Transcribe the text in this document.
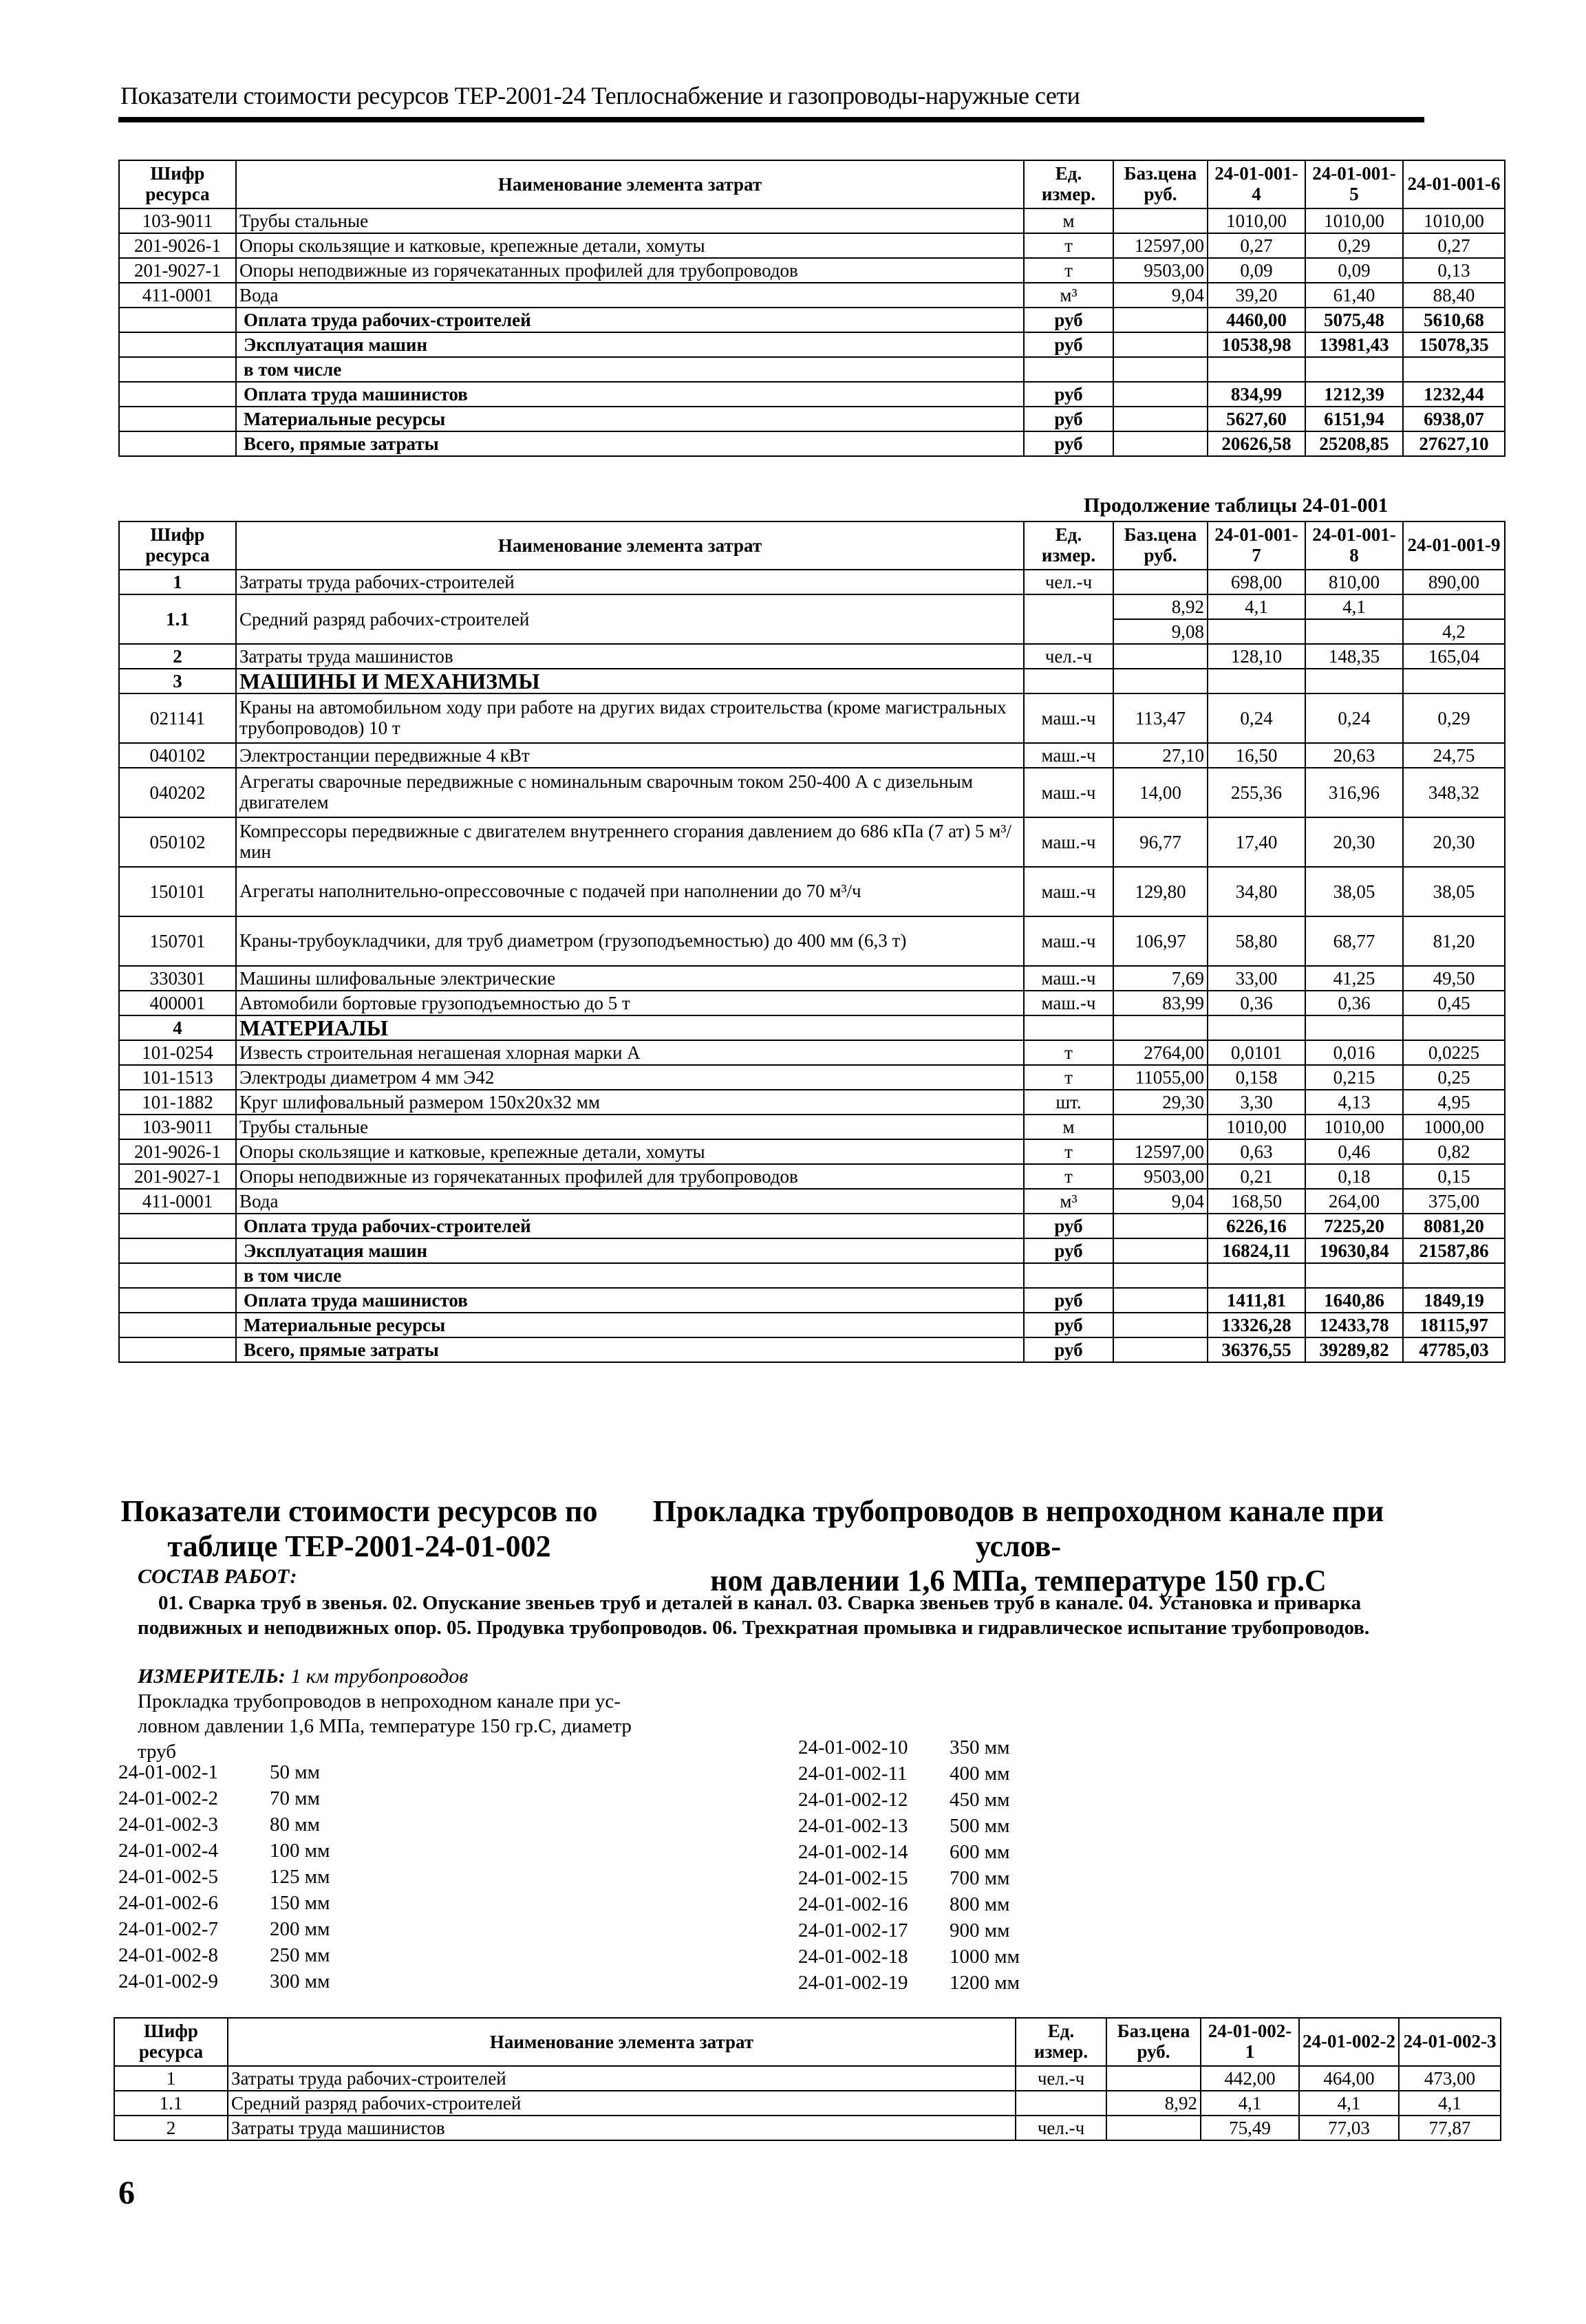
Показатели стоимости ресурсов ТЕР-2001-24 Теплоснабжение и газопроводы-наружные сети
Шифр ресурса	Наименование элемента затрат	Ед. измер.	Баз.цена руб.	24-01-001-4	24-01-001-5	24-01-001-6
103-9011	Трубы стальные	м		1010,00	1010,00	1010,00
201-9026-1	Опоры скользящие и катковые, крепежные детали, хомуты	т	12597,00	0,27	0,29	0,27
201-9027-1	Опоры неподвижные из горячекатанных профилей для трубопроводов	т	9503,00	0,09	0,09	0,13
411-0001	Вода	м³	9,04	39,20	61,40	88,40
	Оплата труда рабочих-строителей	руб		4460,00	5075,48	5610,68
	Эксплуатация машин	руб		10538,98	13981,43	15078,35
	в том числе					
	Оплата труда машинистов	руб		834,99	1212,39	1232,44
	Материальные ресурсы	руб		5627,60	6151,94	6938,07
	Всего, прямые затраты	руб		20626,58	25208,85	27627,10
Продолжение таблицы 24-01-001
Шифр ресурса	Наименование элемента затрат	Ед. измер.	Баз.цена руб.	24-01-001-7	24-01-001-8	24-01-001-9
1	Затраты труда рабочих-строителей	чел.-ч		698,00	810,00	890,00
1.1	Средний разряд рабочих-строителей		8,92	4,1	4,1	
			9,08			4,2
2	Затраты труда машинистов	чел.-ч		128,10	148,35	165,04
3	МАШИНЫ И МЕХАНИЗМЫ					
021141	Краны на автомобильном ходу при работе на других видах строительства (кроме магистральных трубопроводов) 10 т	маш.-ч	113,47	0,24	0,24	0,29
040102	Электростанции передвижные 4 кВт	маш.-ч	27,10	16,50	20,63	24,75
040202	Агрегаты сварочные передвижные с номинальным сварочным током 250-400 А с дизельным двигателем	маш.-ч	14,00	255,36	316,96	348,32
050102	Компрессоры передвижные с двигателем внутреннего сгорания давлением до 686 кПа (7 ат) 5 м³/мин	маш.-ч	96,77	17,40	20,30	20,30
150101	Агрегаты наполнительно-опрессовочные с подачей при наполнении до 70 м³/ч	маш.-ч	129,80	34,80	38,05	38,05
150701	Краны-трубоукладчики, для труб диаметром (грузоподъемностью) до 400 мм (6,3 т)	маш.-ч	106,97	58,80	68,77	81,20
330301	Машины шлифовальные электрические	маш.-ч	7,69	33,00	41,25	49,50
400001	Автомобили бортовые грузоподъемностью до 5 т	маш.-ч	83,99	0,36	0,36	0,45
4	МАТЕРИАЛЫ					
101-0254	Известь строительная негашеная хлорная марки А	т	2764,00	0,0101	0,016	0,0225
101-1513	Электроды диаметром 4 мм Э42	т	11055,00	0,158	0,215	0,25
101-1882	Круг шлифовальный размером 150x20x32 мм	шт.	29,30	3,30	4,13	4,95
103-9011	Трубы стальные	м		1010,00	1010,00	1000,00
201-9026-1	Опоры скользящие и катковые, крепежные детали, хомуты	т	12597,00	0,63	0,46	0,82
201-9027-1	Опоры неподвижные из горячекатанных профилей для трубопроводов	т	9503,00	0,21	0,18	0,15
411-0001	Вода	м³	9,04	168,50	264,00	375,00
	Оплата труда рабочих-строителей	руб		6226,16	7225,20	8081,20
	Эксплуатация машин	руб		16824,11	19630,84	21587,86
	в том числе					
	Оплата труда машинистов	руб		1411,81	1640,86	1849,19
	Материальные ресурсы	руб		13326,28	12433,78	18115,97
	Всего, прямые затраты	руб		36376,55	39289,82	47785,03
Показатели стоимости ресурсов по
таблице ТЕР-2001-24-01-002
Прокладка трубопроводов в непроходном канале при услов-
ном давлении 1,6 МПа, температуре 150 гр.С
СОСТАВ РАБОТ:
01. Сварка труб в звенья. 02. Опускание звеньев труб и деталей в канал. 03. Сварка звеньев труб в канале. 04. Установка и приварка подвижных и неподвижных опор. 05. Продувка трубопроводов. 06. Трехкратная промывка и гидравлическое испытание трубопроводов.
ИЗМЕРИТЕЛЬ: 1 км трубопроводов
Прокладка трубопроводов в непроходном канале при ус-
ловном давлении 1,6 МПа, температуре 150 гр.С, диаметр
труб
24-01-002-1	50 мм
24-01-002-2	70 мм
24-01-002-3	80 мм
24-01-002-4	100 мм
24-01-002-5	125 мм
24-01-002-6	150 мм
24-01-002-7	200 мм
24-01-002-8	250 мм
24-01-002-9	300 мм
24-01-002-10 350 мм
24-01-002-11 400 мм
24-01-002-12 450 мм
24-01-002-13 500 мм
24-01-002-14 600 мм
24-01-002-15 700 мм
24-01-002-16 800 мм
24-01-002-17 900 мм
24-01-002-18 1000 мм
24-01-002-19 1200 мм
Шифр ресурса	Наименование элемента затрат	Ед. измер.	Баз.цена руб.	24-01-002-1	24-01-002-2	24-01-002-3
1	Затраты труда рабочих-строителей	чел.-ч		442,00	464,00	473,00
1.1	Средний разряд рабочих-строителей		8,92	4,1	4,1	4,1
2	Затраты труда машинистов	чел.-ч		75,49	77,03	77,87
6
